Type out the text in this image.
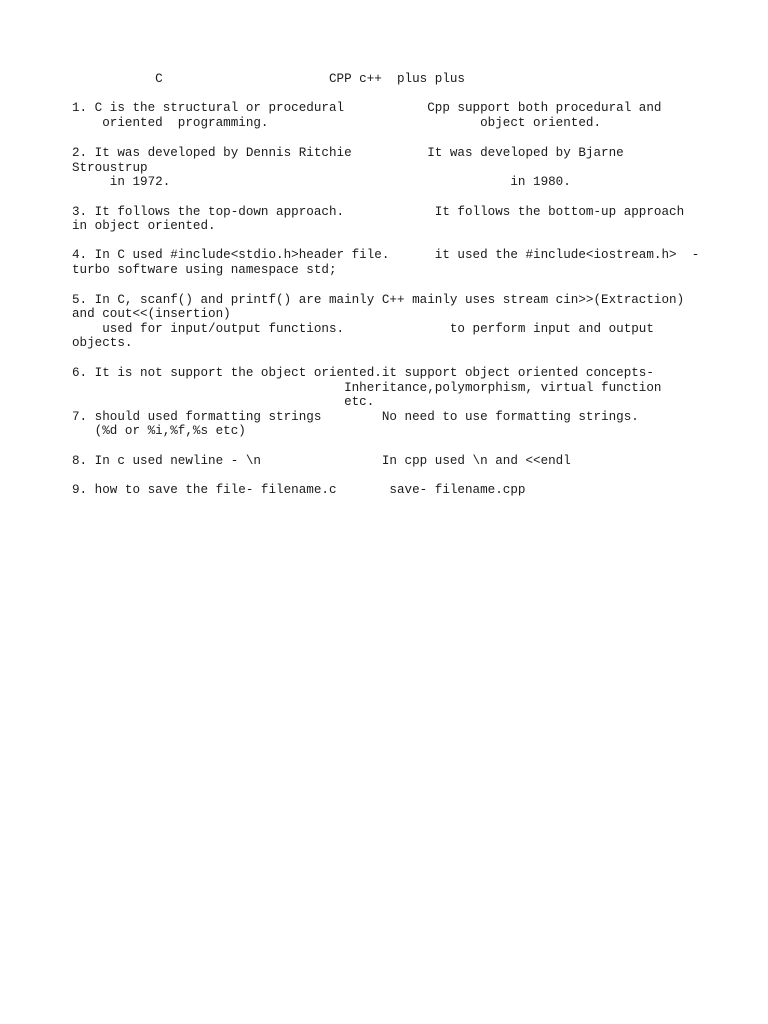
C                      CPP c++  plus plus
1. C is the structural or procedural           Cpp support both procedural and
oriented  programming.                            object oriented.
2. It was developed by Dennis Ritchie          It was developed by Bjarne
Stroustrup
in 1972.                                             in 1980.
3. It follows the top-down approach.            It follows the bottom-up approach
in object oriented.
4. In C used #include<stdio.h>header file.      it used the #include<iostream.h>  -
turbo software using namespace std;
5. In C, scanf() and printf() are mainly C++ mainly uses stream cin>>(Extraction)
and cout<<(insertion)
used for input/output functions.              to perform input and output
objects.
6. It is not support the object oriented.it support object oriented concepts-
Inheritance,polymorphism, virtual function
etc.
7. should used formatting strings        No need to use formatting strings.
(%d or %i,%f,%s etc)
8. In c used newline - \n                In cpp used \n and <<endl
9. how to save the file- filename.c       save- filename.cpp
